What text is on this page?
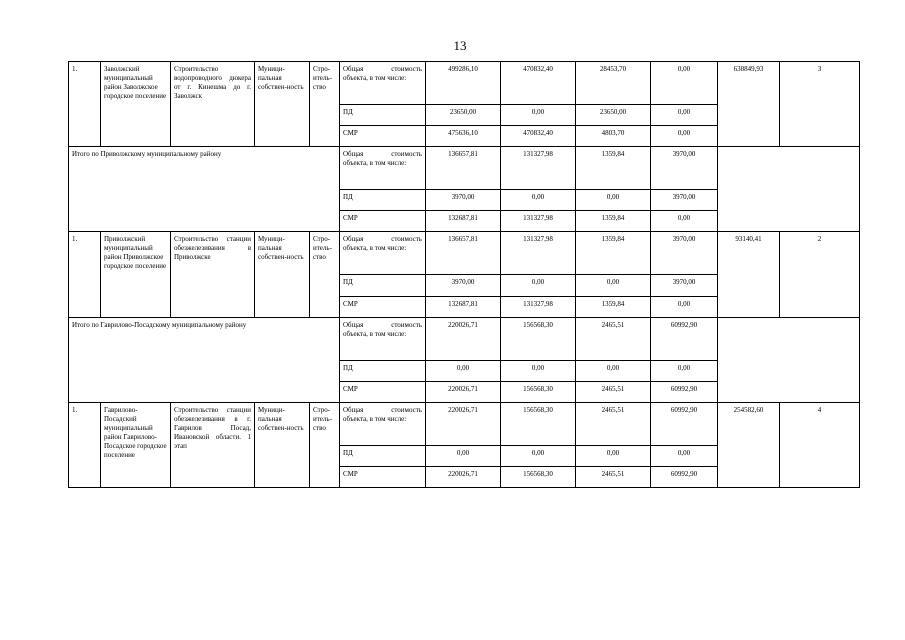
13
1.	Заволжский муниципальный район Заволжское городское поселение	Строительство водопроводного дюкера от г. Кинешма до г. Заволжск	Муници-пальная собствен-ность	Стро-итель-ство	Общая стоимость объекта, в том числе:	499286,10	470832,40	28453,70	0,00	638849,93	3
					ПД	23650,00	0,00	23650,00	0,00		
					СМР	475636,10	470832,40	4803,70	0,00		
Итого по Приволжскому муниципальному району					Общая стоимость объекта, в том числе:	136657,81	131327,98	1359,84	3970,00		
					ПД	3970,00	0,00	0,00	3970,00		
					СМР	132687,81	131327,98	1359,84	0,00		
1.	Приволжский муниципальный район Приволжское городское поселение	Строительство станции обезжелезивания в Приволжске	Муници-пальная собствен-ность	Стро-итель-ство	Общая стоимость объекта, в том числе:	136657,81	131327,98	1359,84	3970,00	93140,41	2
					ПД	3970,00	0,00	0,00	3970,00		
					СМР	132687,81	131327,98	1359,84	0,00		
Итого по Гаврилово-Посадскому муниципальному району					Общая стоимость объекта, в том числе:	220026,71	156568,30	2465,51	60992,90		
					ПД	0,00	0,00	0,00	0,00		
					СМР	220026,71	156568,30	2465,51	60992,90		
1.	Гаврилово-Посадский муниципальный район Гаврилово-Посадское городское поселение	Строительство станции обезжелезивания в г. Гаврилов Посад, Ивановской области. 1 этап	Муници-пальная собствен-ность	Стро-итель-ство	Общая стоимость объекта, в том числе:	220026,71	156568,30	2465,51	60992,90	254582,60	4
					ПД	0,00	0,00	0,00	0,00		
					СМР	220026,71	156568,30	2465,51	60992,90		
